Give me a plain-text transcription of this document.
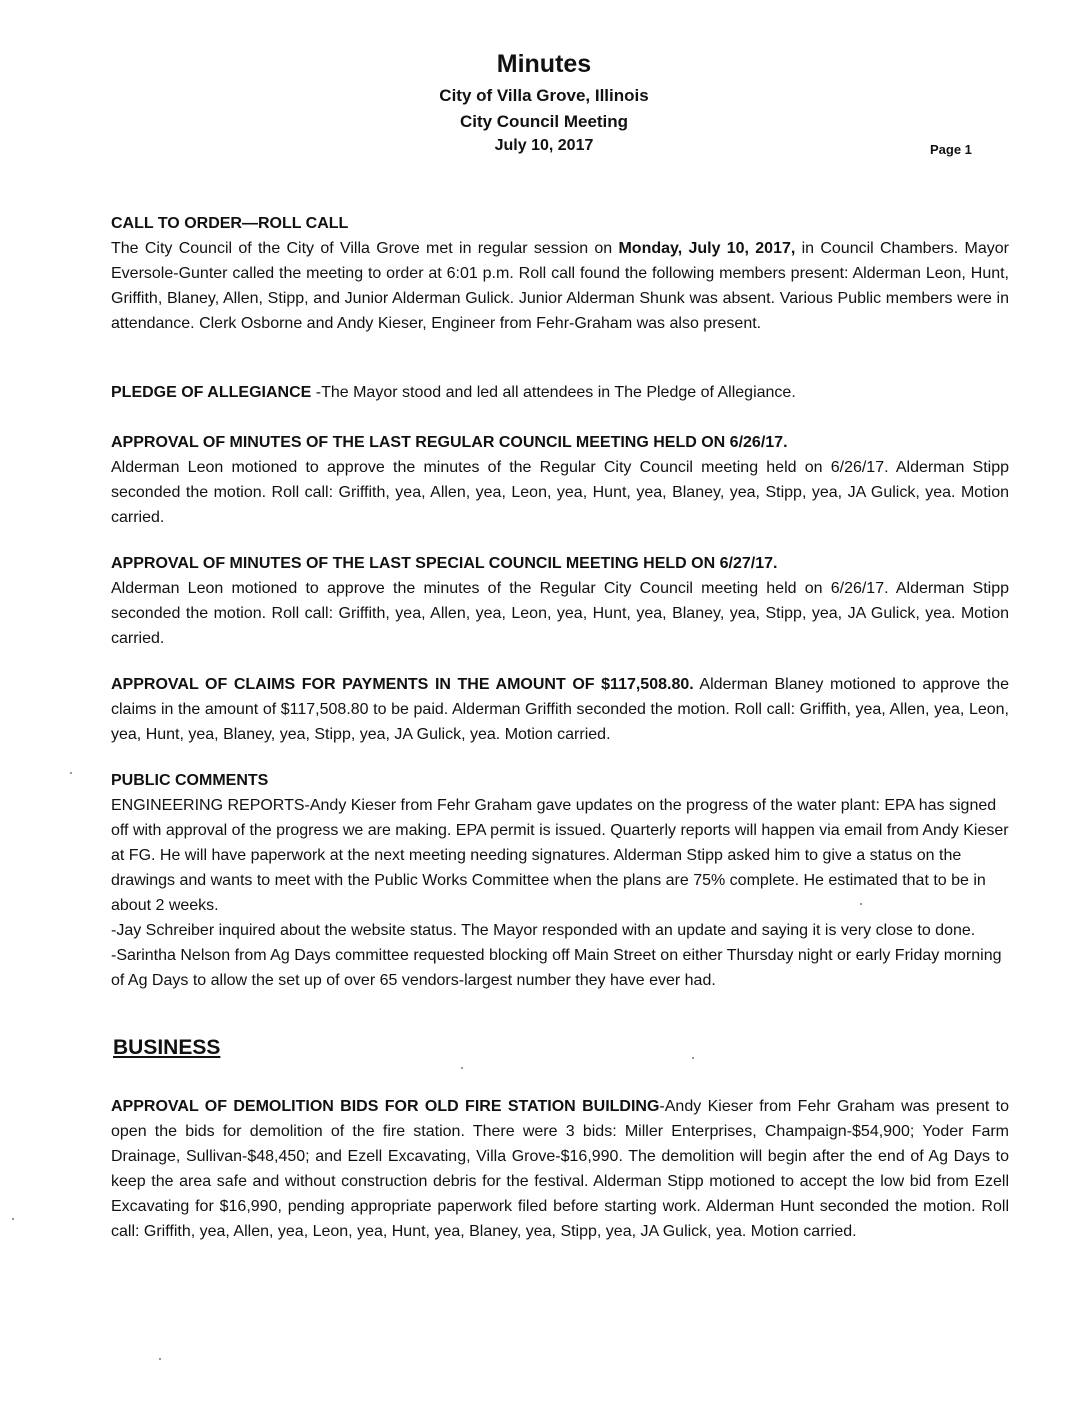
Minutes
City of Villa Grove, Illinois
City Council Meeting
July 10, 2017	Page 1
CALL TO ORDER—ROLL CALL

The City Council of the City of Villa Grove met in regular session on Monday, July 10, 2017, in Council Chambers. Mayor Eversole-Gunter called the meeting to order at 6:01 p.m. Roll call found the following members present: Alderman Leon, Hunt, Griffith, Blaney, Allen, Stipp, and Junior Alderman Gulick. Junior Alderman Shunk was absent. Various Public members were in attendance. Clerk Osborne and Andy Kieser, Engineer from Fehr-Graham was also present.

PLEDGE OF ALLEGIANCE -The Mayor stood and led all attendees in The Pledge of Allegiance.

APPROVAL OF MINUTES OF THE LAST REGULAR COUNCIL MEETING HELD ON 6/26/17.

Alderman Leon motioned to approve the minutes of the Regular City Council meeting held on 6/26/17. Alderman Stipp seconded the motion. Roll call: Griffith, yea, Allen, yea, Leon, yea, Hunt, yea, Blaney, yea, Stipp, yea, JA Gulick, yea. Motion carried.

APPROVAL OF MINUTES OF THE LAST SPECIAL COUNCIL MEETING HELD ON 6/27/17.

Alderman Leon motioned to approve the minutes of the Regular City Council meeting held on 6/26/17. Alderman Stipp seconded the motion. Roll call: Griffith, yea, Allen, yea, Leon, yea, Hunt, yea, Blaney, yea, Stipp, yea, JA Gulick, yea. Motion carried.

APPROVAL OF CLAIMS FOR PAYMENTS IN THE AMOUNT OF $117,508.80. Alderman Blaney motioned to approve the claims in the amount of $117,508.80 to be paid. Alderman Griffith seconded the motion. Roll call: Griffith, yea, Allen, yea, Leon, yea, Hunt, yea, Blaney, yea, Stipp, yea, JA Gulick, yea. Motion carried.

PUBLIC COMMENTS

ENGINEERING REPORTS-Andy Kieser from Fehr Graham gave updates on the progress of the water plant: EPA has signed off with approval of the progress we are making. EPA permit is issued. Quarterly reports will happen via email from Andy Kieser at FG. He will have paperwork at the next meeting needing signatures. Alderman Stipp asked him to give a status on the drawings and wants to meet with the Public Works Committee when the plans are 75% complete. He estimated that to be in about 2 weeks.

-Jay Schreiber inquired about the website status. The Mayor responded with an update and saying it is very close to done.

-Sarintha Nelson from Ag Days committee requested blocking off Main Street on either Thursday night or early Friday morning of Ag Days to allow the set up of over 65 vendors-largest number they have ever had.

BUSINESS

APPROVAL OF DEMOLITION BIDS FOR OLD FIRE STATION BUILDING-Andy Kieser from Fehr Graham was present to open the bids for demolition of the fire station. There were 3 bids: Miller Enterprises, Champaign-$54,900; Yoder Farm Drainage, Sullivan-$48,450; and Ezell Excavating, Villa Grove-$16,990. The demolition will begin after the end of Ag Days to keep the area safe and without construction debris for the festival. Alderman Stipp motioned to accept the low bid from Ezell Excavating for $16,990, pending appropriate paperwork filed before starting work. Alderman Hunt seconded the motion. Roll call: Griffith, yea, Allen, yea, Leon, yea, Hunt, yea, Blaney, yea, Stipp, yea, JA Gulick, yea. Motion carried.
